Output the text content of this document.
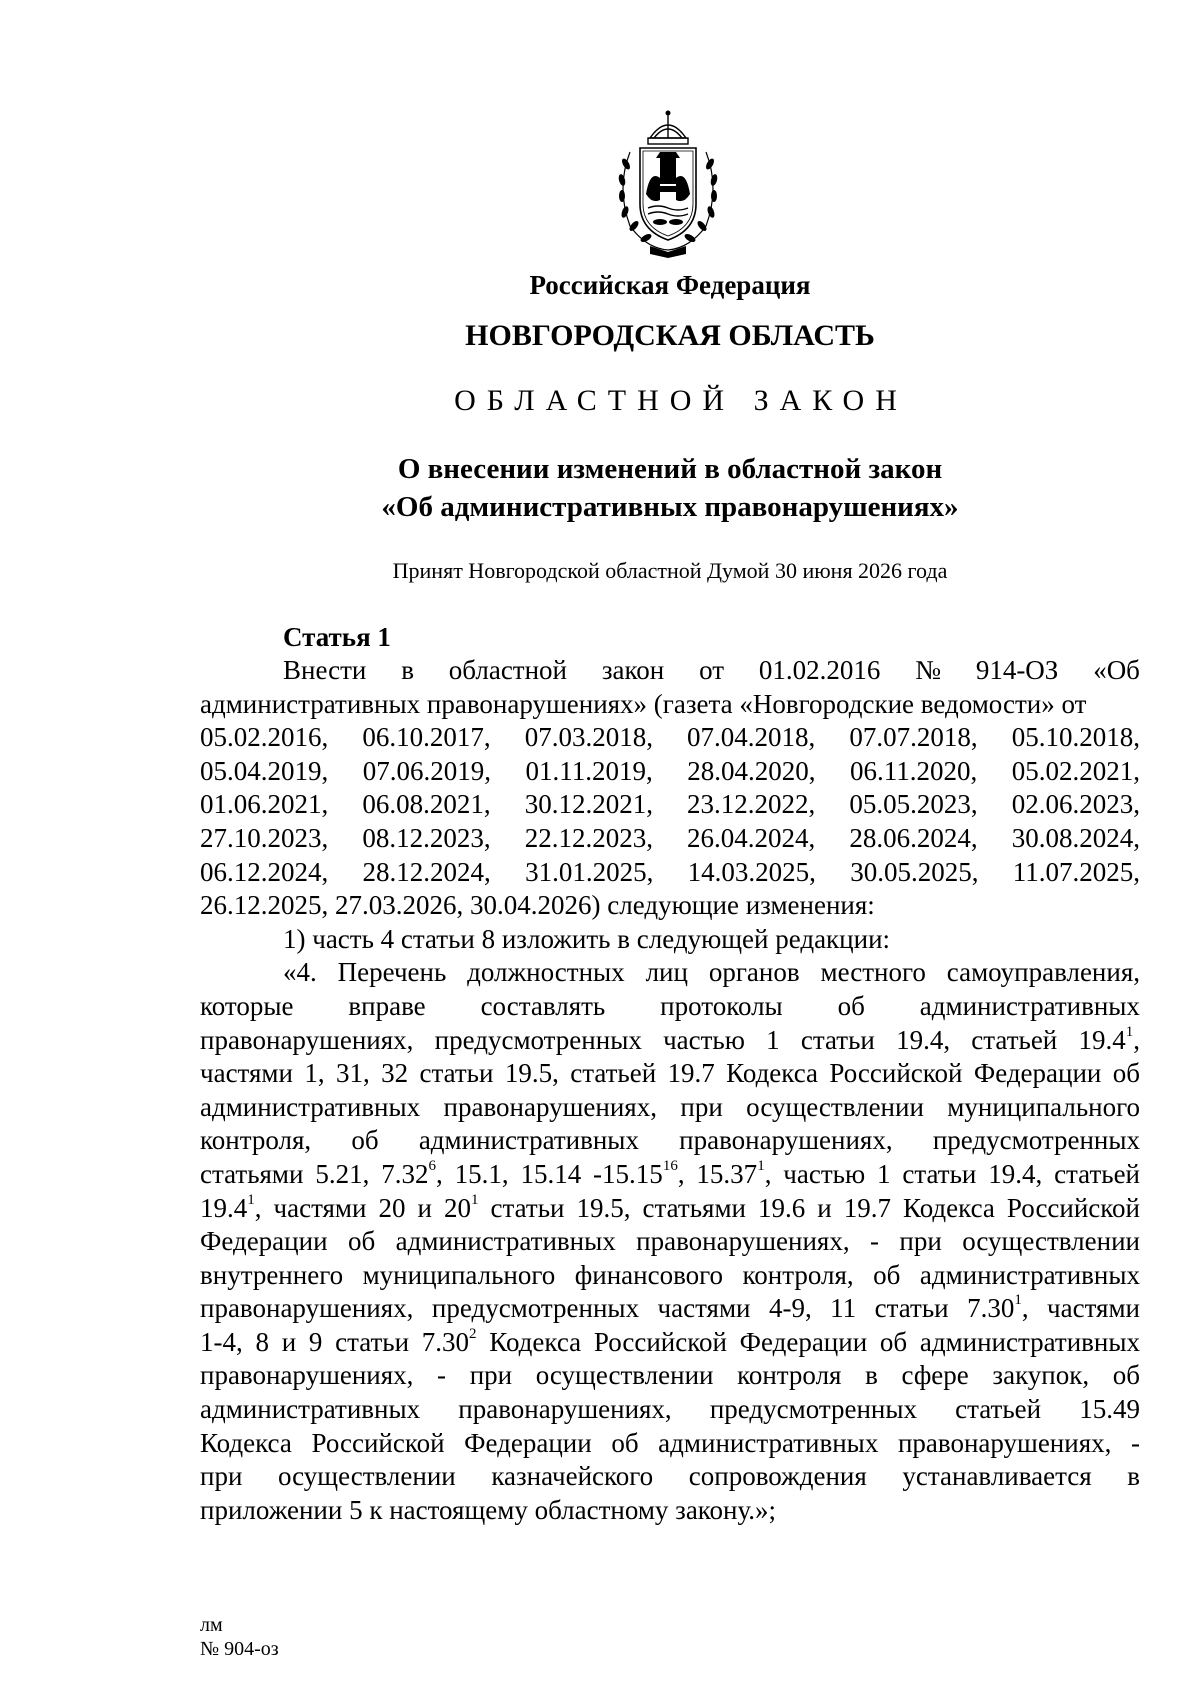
Российская Федерация
НОВГОРОДСКАЯ ОБЛАСТЬ
ОБЛАСТНОЙ ЗАКОН
О внесении изменений в областной закон
«Об административных правонарушениях»
Принят Новгородской областной Думой 30 июня 2026 года
Статья 1
Внести в областной закон от 01.02.2016 № 914-ОЗ «Об
административных правонарушениях» (газета «Новгородские ведомости» от
05.02.2016, 06.10.2017, 07.03.2018, 07.04.2018, 07.07.2018, 05.10.2018,
05.04.2019, 07.06.2019, 01.11.2019, 28.04.2020, 06.11.2020, 05.02.2021,
01.06.2021, 06.08.2021, 30.12.2021, 23.12.2022, 05.05.2023, 02.06.2023,
27.10.2023, 08.12.2023, 22.12.2023, 26.04.2024, 28.06.2024, 30.08.2024,
06.12.2024, 28.12.2024, 31.01.2025, 14.03.2025, 30.05.2025, 11.07.2025,
26.12.2025, 27.03.2026, 30.04.2026) следующие изменения:
1) часть 4 статьи 8 изложить в следующей редакции:
«4. Перечень должностных лиц органов местного самоуправления,
которые вправе составлять протоколы об административных
правонарушениях, предусмотренных частью 1 статьи 19.4, статьей 19.4$^1$,
частями 1, 31, 32 статьи 19.5, статьей 19.7 Кодекса Российской Федерации об
административных правонарушениях, при осуществлении муниципального
контроля, об административных правонарушениях, предусмотренных
статьями 5.21, 7.32$^6$, 15.1, 15.14 -15.15$^{16}$, 15.37$^1$, частью 1 статьи 19.4, статьей
19.4$^1$, частями 20 и $20^1$ статьи 19.5, статьями 19.6 и 19.7 Кодекса Российской
Федерации об административных правонарушениях, - при осуществлении
внутреннего муниципального финансового контроля, об административных
правонарушениях, предусмотренных частями 4-9, 11 статьи 7.30$^1$, частями
1-4, 8 и 9 статьи 7.30$^2$ Кодекса Российской Федерации об административных
правонарушениях, - при осуществлении контроля в сфере закупок, об
административных правонарушениях, предусмотренных статьей 15.49
Кодекса Российской Федерации об административных правонарушениях, -
при осуществлении казначейского сопровождения устанавливается в
приложении 5 к настоящему областному закону.»;
лм
№ 904-оз
